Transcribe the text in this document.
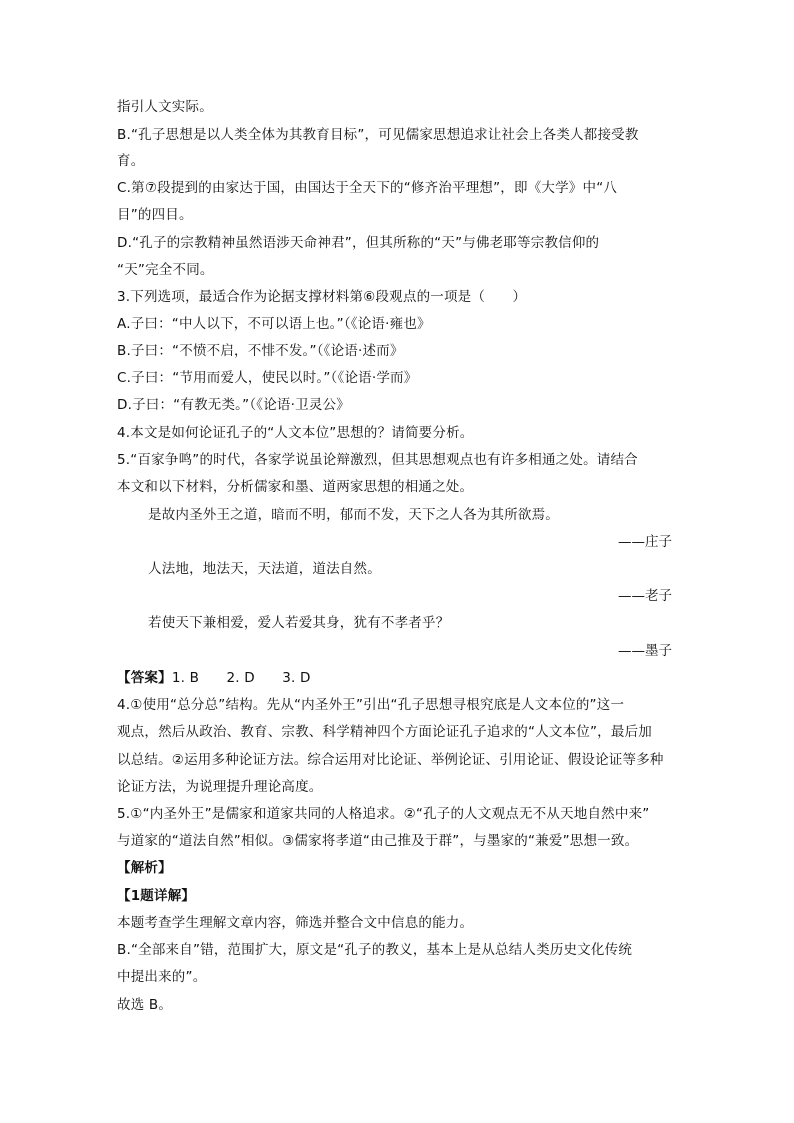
指引人文实际。
B.“孔子思想是以人类全体为其教育目标”，可见儒家思想追求让社会上各类人都接受教
育。
C.第⑦段提到的由家达于国，由国达于全天下的“修齐治平理想”，即《大学》中“八
目”的四目。
D.“孔子的宗教精神虽然语涉天命神君”，但其所称的“天”与佛老耶等宗教信仰的
“天”完全不同。
3.下列选项，最适合作为论据支撑材料第⑥段观点的一项是（　　）
A.子曰：“中人以下，不可以语上也。”（《论语·雍也》
B.子曰：“不愤不启，不悱不发。”（《论语·述而》
C.子曰：“节用而爱人，使民以时。”（《论语·学而》
D.子曰：“有教无类。”（《论语·卫灵公》
4.本文是如何论证孔子的“人文本位”思想的？请简要分析。
5.“百家争鸣”的时代，各家学说虽论辩激烈，但其思想观点也有许多相通之处。请结合
本文和以下材料，分析儒家和墨、道两家思想的相通之处。
是故内圣外王之道，暗而不明，郁而不发，天下之人各为其所欲焉。
——庄子
人法地，地法天，天法道，道法自然。
——老子
若使天下兼相爱，爱人若爱其身，犹有不孝者乎？
——墨子
【答案】1. B　　2. D　　3. D
4.①使用“总分总”结构。先从“内圣外王”引出“孔子思想寻根究底是人文本位的”这一
观点，然后从政治、教育、宗教、科学精神四个方面论证孔子追求的“人文本位”，最后加
以总结。②运用多种论证方法。综合运用对比论证、举例论证、引用论证、假设论证等多种
论证方法，为说理提升理论高度。
5.①“内圣外王”是儒家和道家共同的人格追求。②“孔子的人文观点无不从天地自然中来”
与道家的“道法自然”相似。③儒家将孝道“由己推及于群”，与墨家的“兼爱”思想一致。
【解析】
【1题详解】
本题考查学生理解文章内容，筛选并整合文中信息的能力。
B.“全部来自”错，范围扩大，原文是“孔子的教义，基本上是从总结人类历史文化传统
中提出来的”。
故选 B。
